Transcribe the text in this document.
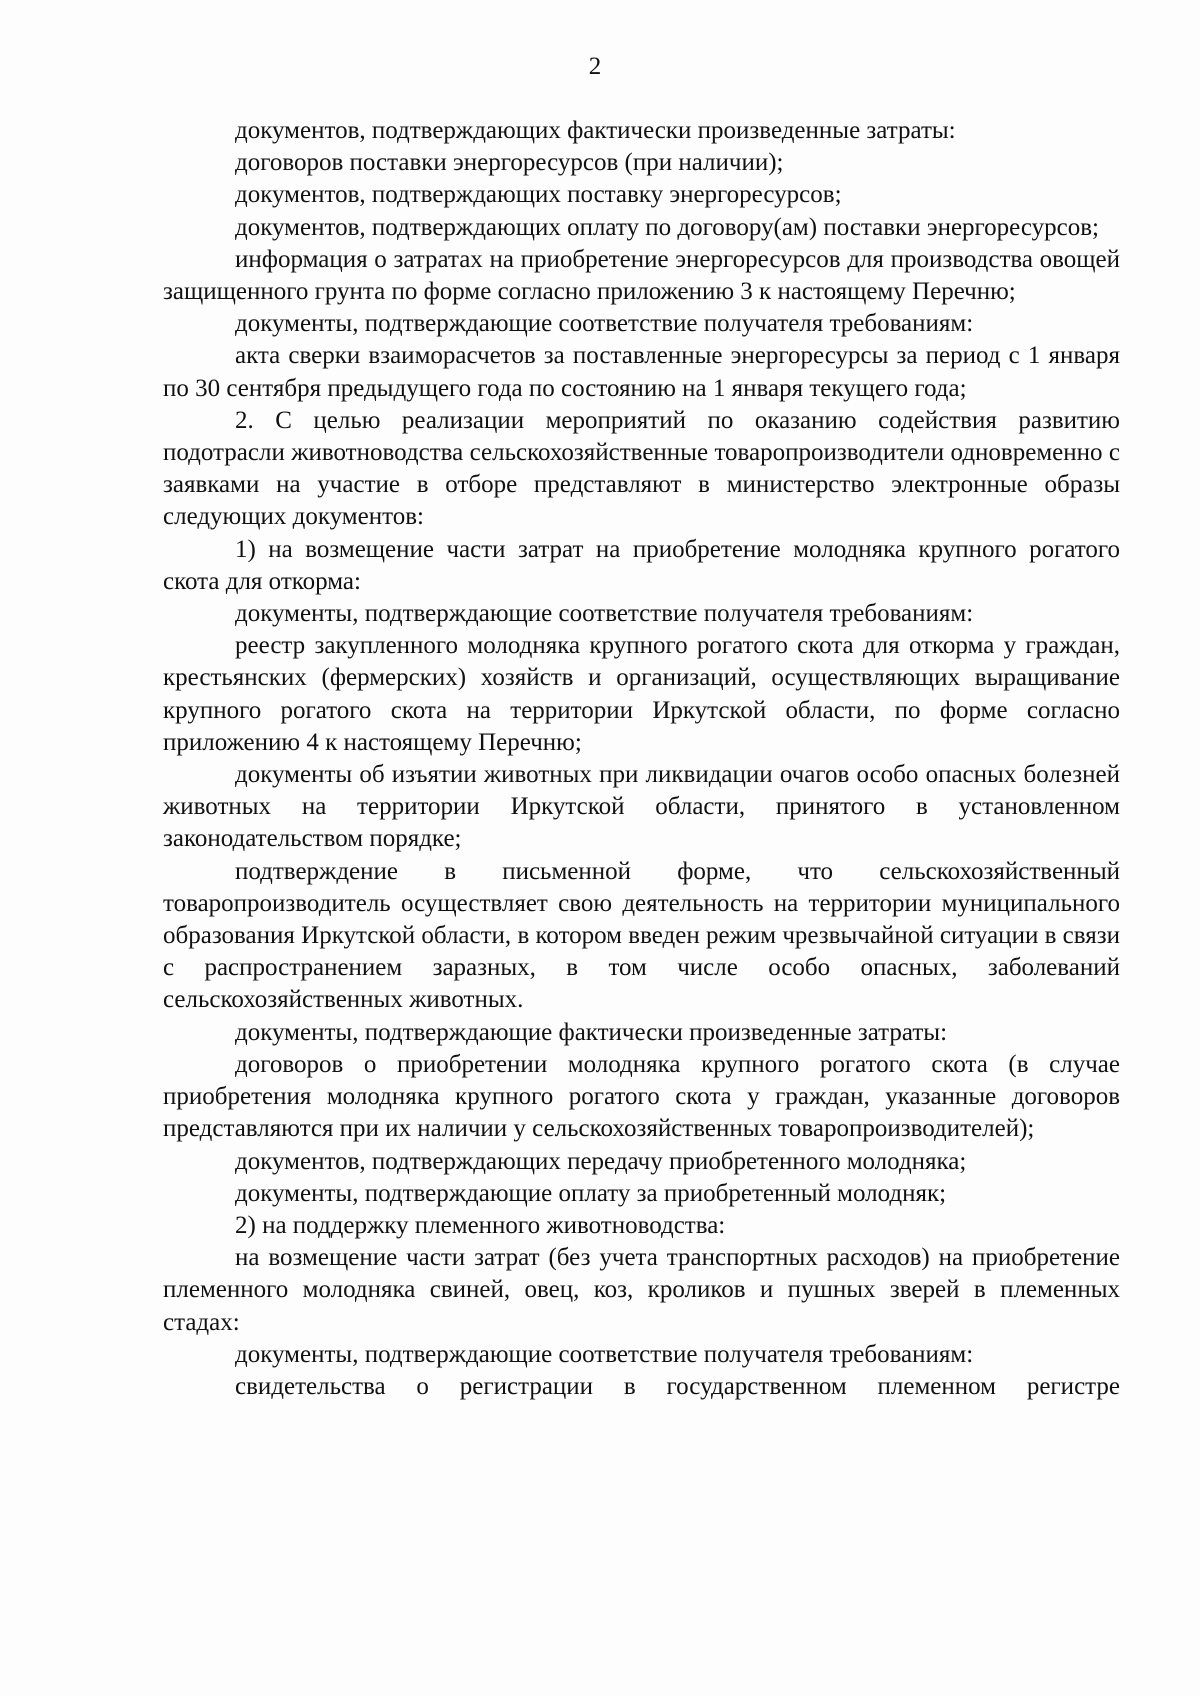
2

документов, подтверждающих фактически произведенные затраты:

договоров поставки энергоресурсов (при наличии);

документов, подтверждающих поставку энергоресурсов;

документов, подтверждающих оплату по договору(ам) поставки энергоресурсов;

информация о затратах на приобретение энергоресурсов для производства овощей защищенного грунта по форме согласно приложению 3 к настоящему Перечню;

документы, подтверждающие соответствие получателя требованиям:

акта сверки взаиморасчетов за поставленные энергоресурсы за период с 1 января по 30 сентября предыдущего года по состоянию на 1 января текущего года;

2. С целью реализации мероприятий по оказанию содействия развитию подотрасли животноводства сельскохозяйственные товаропроизводители одновременно с заявками на участие в отборе представляют в министерство электронные образы следующих документов:

1) на возмещение части затрат на приобретение молодняка крупного рогатого скота для откорма:

документы, подтверждающие соответствие получателя требованиям:

реестр закупленного молодняка крупного рогатого скота для откорма у граждан, крестьянских (фермерских) хозяйств и организаций, осуществляющих выращивание крупного рогатого скота на территории Иркутской области, по форме согласно приложению 4 к настоящему Перечню;

документы об изъятии животных при ликвидации очагов особо опасных болезней животных на территории Иркутской области, принятого в установленном законодательством порядке;

подтверждение в письменной форме, что сельскохозяйственный товаропроизводитель осуществляет свою деятельность на территории муниципального образования Иркутской области, в котором введен режим чрезвычайной ситуации в связи с распространением заразных, в том числе особо опасных, заболеваний сельскохозяйственных животных.

документы, подтверждающие фактически произведенные затраты:

договоров о приобретении молодняка крупного рогатого скота (в случае приобретения молодняка крупного рогатого скота у граждан, указанные договоров представляются при их наличии у сельскохозяйственных товаропроизводителей);

документов, подтверждающих передачу приобретенного молодняка;

документы, подтверждающие оплату за приобретенный молодняк;

2) на поддержку племенного животноводства:

на возмещение части затрат (без учета транспортных расходов) на приобретение племенного молодняка свиней, овец, коз, кроликов и пушных зверей в племенных стадах:

документы, подтверждающие соответствие получателя требованиям:

свидетельства о регистрации в государственном племенном регистре
